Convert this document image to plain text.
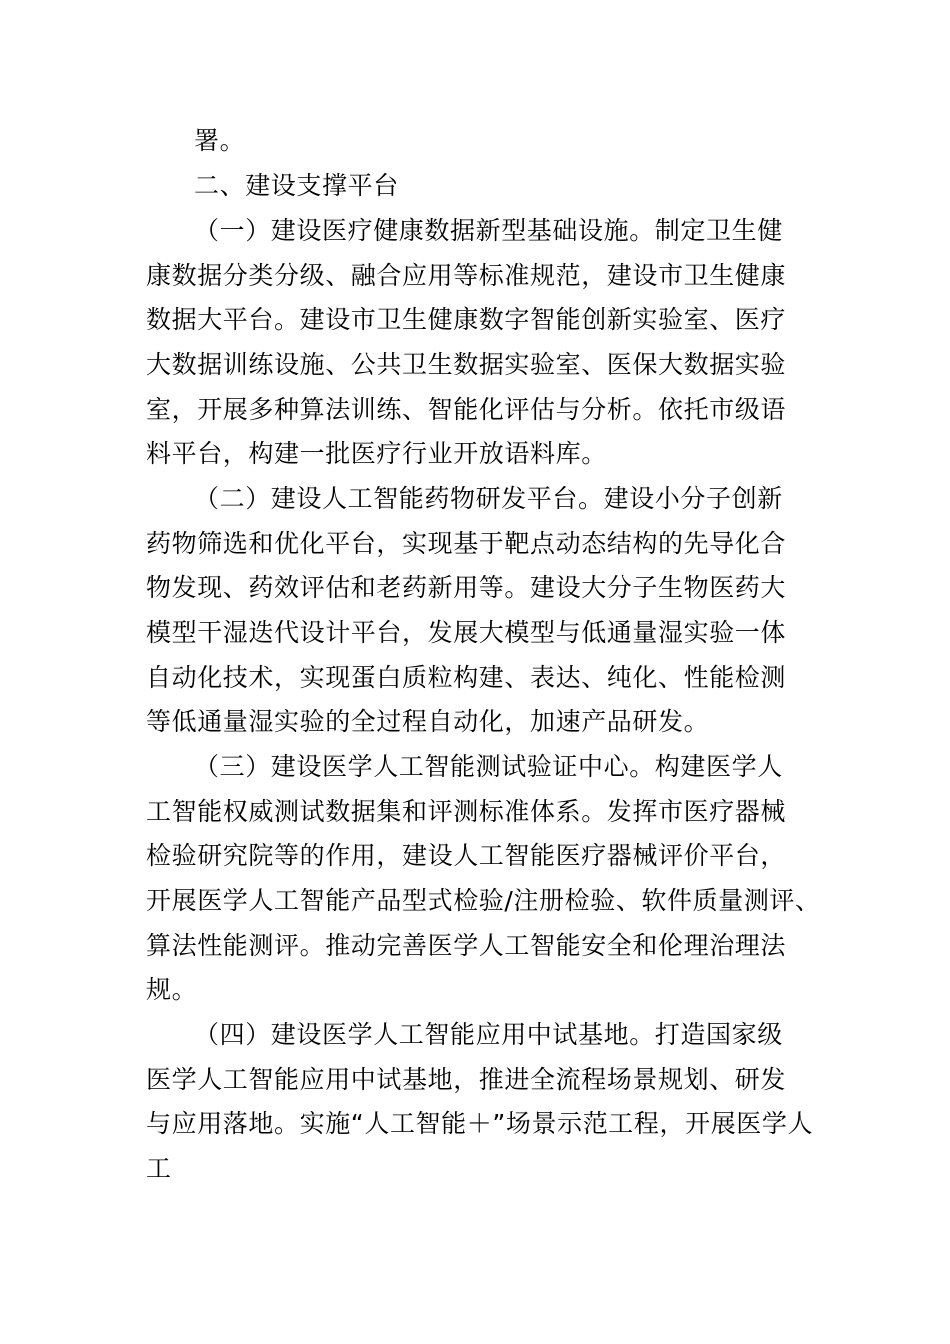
署。
二、建设支撑平台
（一）建设医疗健康数据新型基础设施。制定卫生健
康数据分类分级、融合应用等标准规范，建设市卫生健康
数据大平台。建设市卫生健康数字智能创新实验室、医疗
大数据训练设施、公共卫生数据实验室、医保大数据实验
室，开展多种算法训练、智能化评估与分析。依托市级语
料平台，构建一批医疗行业开放语料库。
（二）建设人工智能药物研发平台。建设小分子创新
药物筛选和优化平台，实现基于靶点动态结构的先导化合
物发现、药效评估和老药新用等。建设大分子生物医药大
模型干湿迭代设计平台，发展大模型与低通量湿实验一体
自动化技术，实现蛋白质粒构建、表达、纯化、性能检测
等低通量湿实验的全过程自动化，加速产品研发。
（三）建设医学人工智能测试验证中心。构建医学人
工智能权威测试数据集和评测标准体系。发挥市医疗器械
检验研究院等的作用，建设人工智能医疗器械评价平台，
开展医学人工智能产品型式检验/注册检验、软件质量测评、
算法性能测评。推动完善医学人工智能安全和伦理治理法
规。
（四）建设医学人工智能应用中试基地。打造国家级
医学人工智能应用中试基地，推进全流程场景规划、研发
与应用落地。实施“人工智能＋”场景示范工程，开展医学人
工
